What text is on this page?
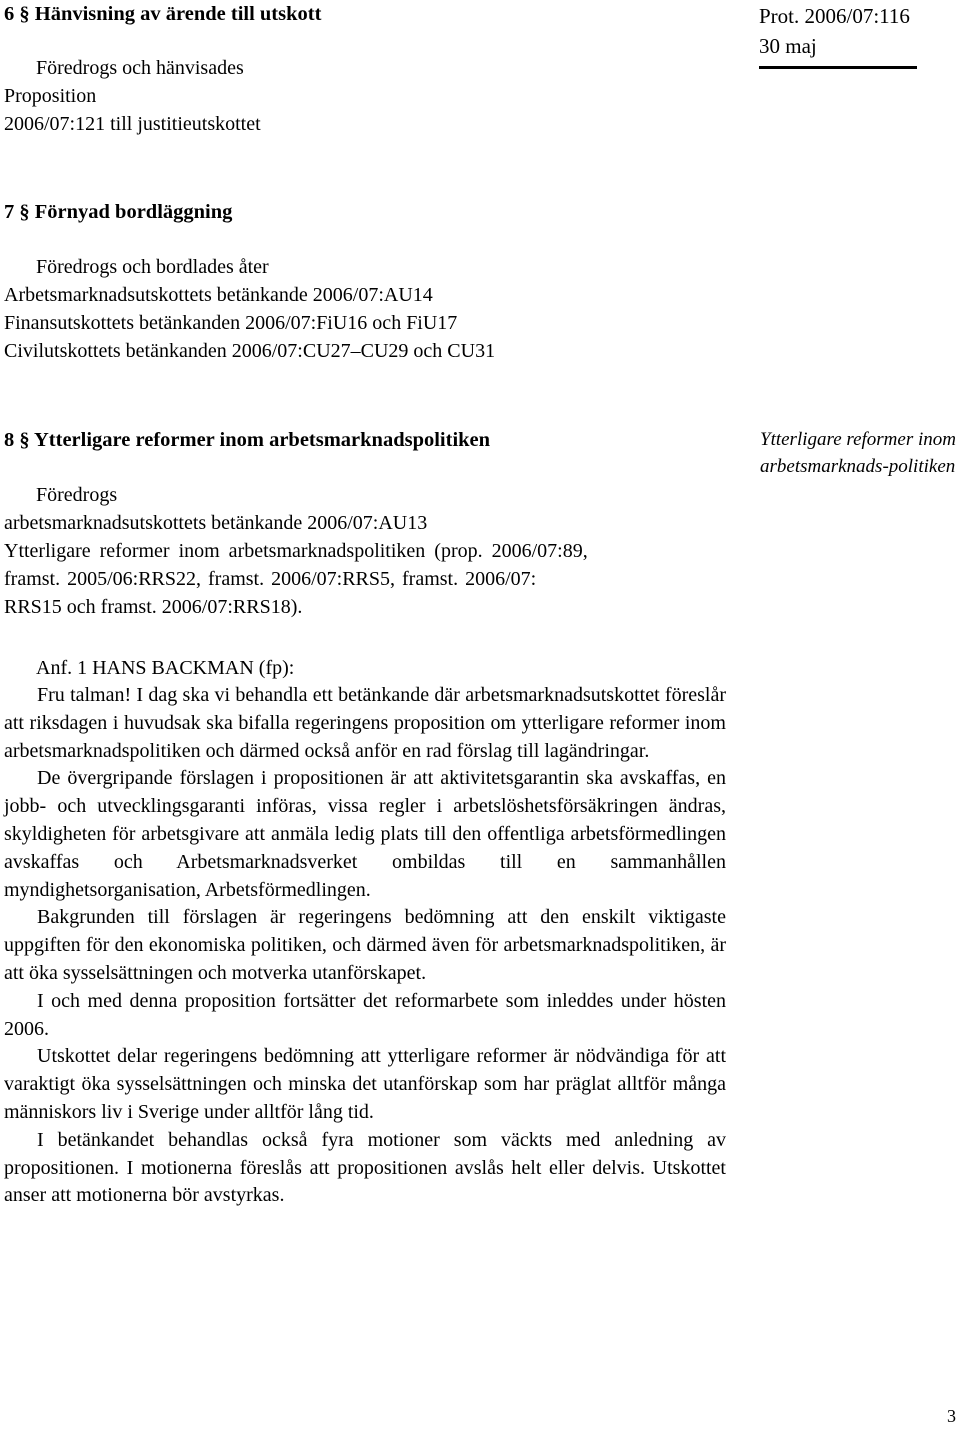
Prot. 2006/07:116
30 maj
6 § Hänvisning av ärende till utskott
Föredrogs och hänvisades
Proposition
2006/07:121 till justitieutskottet
7 § Förnyad bordläggning
Föredrogs och bordlades åter
Arbetsmarknadsutskottets betänkande 2006/07:AU14
Finansutskottets betänkanden 2006/07:FiU16 och FiU17
Civilutskottets betänkanden 2006/07:CU27–CU29 och CU31
8 § Ytterligare reformer inom arbetsmarknadspolitiken
Föredrogs
arbetsmarknadsutskottets betänkande 2006/07:AU13
Ytterligare reformer inom arbetsmarknadspolitiken (prop. 2006/07:89,
framst. 2005/06:RRS22, framst. 2006/07:RRS5, framst. 2006/07:
RRS15 och framst. 2006/07:RRS18).
Ytterligare reformer inom arbetsmarknads-politiken
Anf. 1 HANS BACKMAN (fp):

Fru talman! I dag ska vi behandla ett betänkande där arbetsmarknadsutskottet föreslår att riksdagen i huvudsak ska bifalla regeringens proposition om ytterligare reformer inom arbetsmarknadspolitiken och därmed också anför en rad förslag till lagändringar.

De övergripande förslagen i propositionen är att aktivitetsgarantin ska avskaffas, en jobb- och utvecklingsgaranti införas, vissa regler i arbetslöshetsförsäkringen ändras, skyldigheten för arbetsgivare att anmäla ledig plats till den offentliga arbetsförmedlingen avskaffas och Arbetsmarknadsverket ombildas till en sammanhållen myndighetsorganisation, Arbetsförmedlingen.

Bakgrunden till förslagen är regeringens bedömning att den enskilt viktigaste uppgiften för den ekonomiska politiken, och därmed även för arbetsmarknadspolitiken, är att öka sysselsättningen och motverka utanförskapet.

I och med denna proposition fortsätter det reformarbete som inleddes under hösten 2006.

Utskottet delar regeringens bedömning att ytterligare reformer är nödvändiga för att varaktigt öka sysselsättningen och minska det utanförskap som har präglat alltför många människors liv i Sverige under alltför lång tid.

I betänkandet behandlas också fyra motioner som väckts med anledning av propositionen. I motionerna föreslås att propositionen avslås helt eller delvis. Utskottet anser att motionerna bör avstyrkas.

3
